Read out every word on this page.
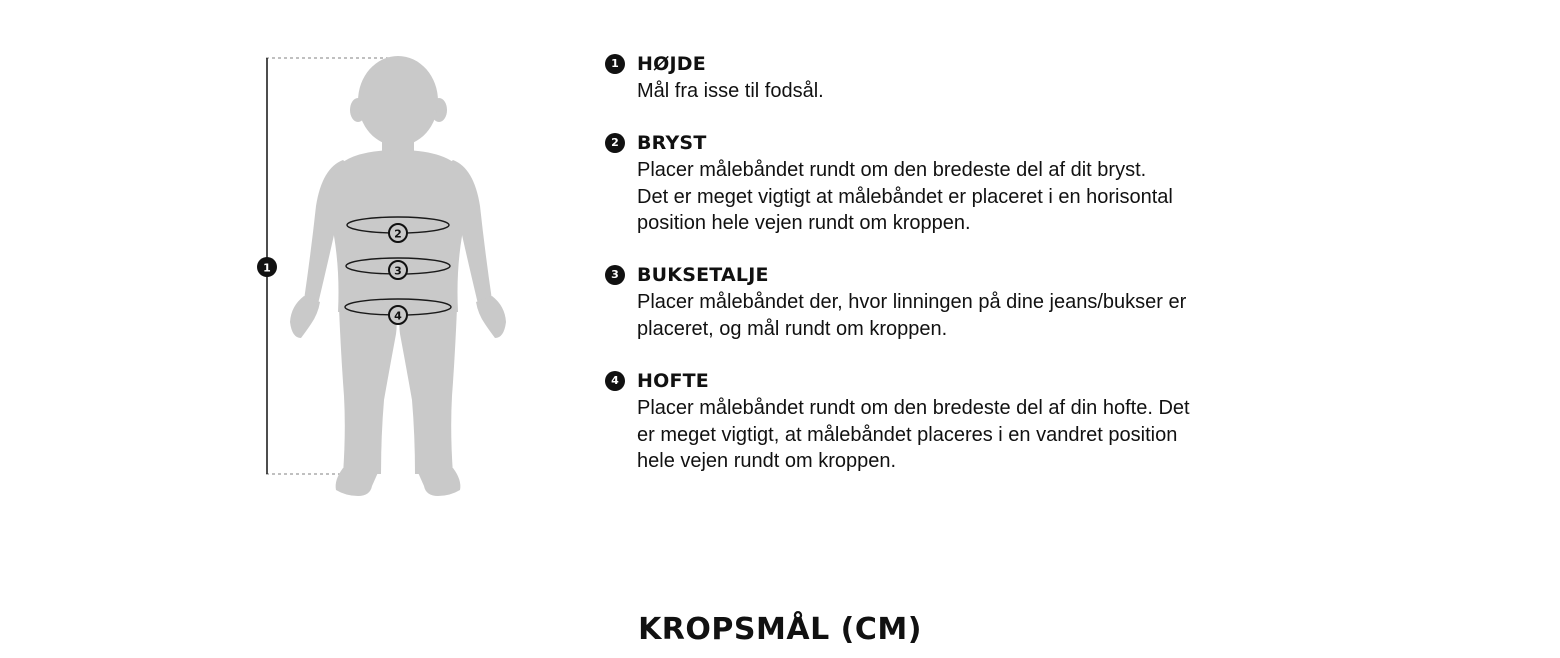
1
2
3
4
1 HØJDE
Mål fra isse til fodsål.
2 BRYST
Placer målebåndet rundt om den bredeste del af dit bryst.
Det er meget vigtigt at målebåndet er placeret i en horisontal
position hele vejen rundt om kroppen.
3 BUKSETALJE
Placer målebåndet der, hvor linningen på dine jeans/bukser er
placeret, og mål rundt om kroppen.
4 HOFTE
Placer målebåndet rundt om den bredeste del af din hofte. Det
er meget vigtigt, at målebåndet placeres i en vandret position
hele vejen rundt om kroppen.
KROPSMÅL (CM)
